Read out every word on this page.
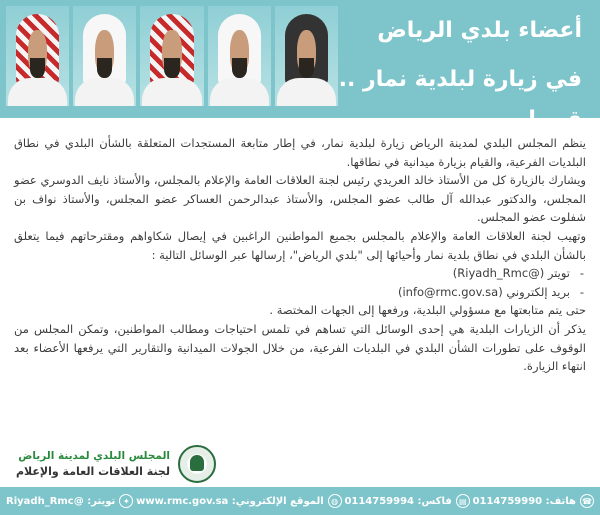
أعضاء بلدي الرياض
في زيارة لبلدية نمار .. قريبا

ينظم المجلس البلدي لمدينة الرياض زيارة لبلدية نمار، في إطار متابعة المستجدات المتعلقة بالشأن البلدي في نطاق البلديات الفرعية، والقيام بزيارة ميدانية في نطاقها.

ويشارك بالزيارة كل من الأستاذ خالد العريدي رئيس لجنة العلاقات العامة والإعلام بالمجلس، والأستاذ نايف الدوسري عضو المجلس، والدكتور عبدالله آل طالب عضو المجلس، والأستاذ عبدالرحمن العساكر عضو المجلس، والأستاذ نواف بن شفلوت عضو المجلس.

وتهيب لجنة العلاقات العامة والإعلام بالمجلس بجميع المواطنين الراغبين في إيصال شكاواهم ومقترحاتهم فيما يتعلق بالشأن البلدي في نطاق بلدية نمار وأحيائها إلى "بلدي الرياض"، إرسالها عبر الوسائل التالية :

- تويتر (@Riyadh_Rmc)
- بريد إلكتروني (info@rmc.gov.sa)

حتى يتم متابعتها مع مسؤولي البلدية، ورفعها إلى الجهات المختصة .

يذكر أن الزيارات البلدية هي إحدى الوسائل التي تساهم في تلمس احتياجات ومطالب المواطنين، وتمكن المجلس من الوقوف على تطورات الشأن البلدي في البلديات الفرعية، من خلال الجولات الميدانية والتقارير التي يرفعها الأعضاء بعد انتهاء الزيارة.

المجلس البلدي لمدينة الرياض
لجنة العلاقات العامة والإعلام
☎
هاتف: 0114759990
▤
فاكس: 0114759994
◍
الموقع الإلكتروني: www.rmc.gov.sa
✦
تويتر: @Riyadh_Rmc
